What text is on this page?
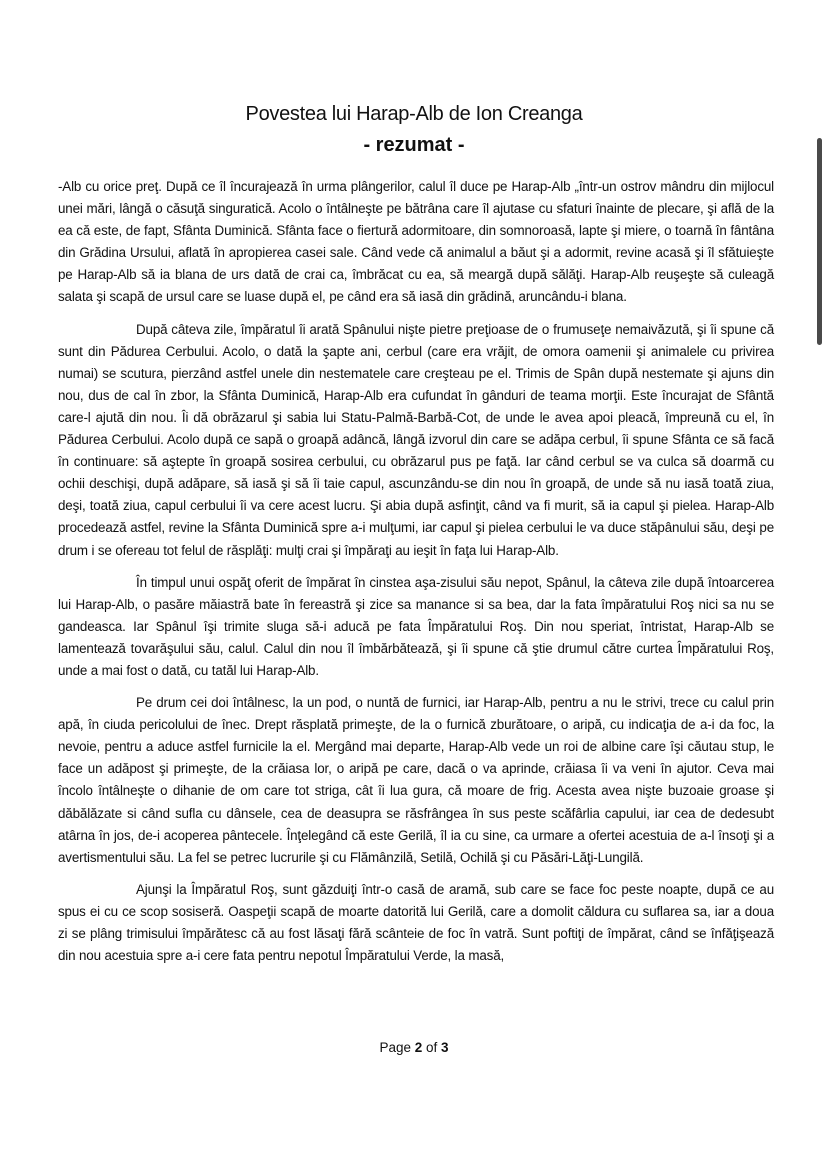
Povestea lui Harap-Alb de Ion Creanga
- rezumat -

-Alb cu orice preţ. După ce îl încurajează în urma plângerilor, calul îl duce pe Harap-Alb „într-un ostrov mândru din mijlocul unei mări, lângă o căsuţă singuratică. Acolo o întâlneşte pe bătrâna care îl ajutase cu sfaturi înainte de plecare, şi află de la ea că este, de fapt, Sfânta Duminică. Sfânta face o fiertură adormitoare, din somnoroasă, lapte şi miere, o toarnă în fântâna din Grădina Ursului, aflată în apropierea casei sale. Când vede că animalul a băut şi a adormit, revine acasă şi îl sfătuieşte pe Harap-Alb să ia blana de urs dată de crai ca, îmbrăcat cu ea, să meargă după sălăţi. Harap-Alb reuşeşte să culeagă salata şi scapă de ursul care se luase după el, pe când era să iasă din grădină, aruncându-i blana.

După câteva zile, împăratul îi arată Spânului nişte pietre preţioase de o frumuseţe nemaivăzută, şi îi spune că sunt din Pădurea Cerbului. Acolo, o dată la şapte ani, cerbul (care era vrăjit, de omora oamenii şi animalele cu privirea numai) se scutura, pierzând astfel unele din nestematele care creşteau pe el. Trimis de Spân după nestemate şi ajuns din nou, dus de cal în zbor, la Sfânta Duminică, Harap-Alb era cufundat în gânduri de teama morţii. Este încurajat de Sfântă care-l ajută din nou. Îi dă obrăzarul şi sabia lui Statu-Palmă-Barbă-Cot, de unde le avea apoi pleacă, împreună cu el, în Pădurea Cerbului. Acolo după ce sapă o groapă adâncă, lângă izvorul din care se adăpa cerbul, îi spune Sfânta ce să facă în continuare: să aştepte în groapă sosirea cerbului, cu obrăzarul pus pe faţă. Iar când cerbul se va culca să doarmă cu ochii deschişi, după adăpare, să iasă şi să îi taie capul, ascunzându-se din nou în groapă, de unde să nu iasă toată ziua, deşi, toată ziua, capul cerbului îi va cere acest lucru. Şi abia după asfinţit, când va fi murit, să ia capul şi pielea. Harap-Alb procedează astfel, revine la Sfânta Duminică spre a-i mulţumi, iar capul şi pielea cerbului le va duce stăpânului său, deşi pe drum i se ofereau tot felul de răsplăţi: mulţi crai şi împăraţi au ieşit în faţa lui Harap-Alb.

În timpul unui ospăţ oferit de împărat în cinstea aşa-zisului său nepot, Spânul, la câteva zile după întoarcerea lui Harap-Alb, o pasăre măiastră bate în fereastră şi zice sa manance si sa bea, dar la fata împăratului Roş nici sa nu se gandeasca. Iar Spânul îşi trimite sluga să-i aducă pe fata Împăratului Roş. Din nou speriat, întristat, Harap-Alb se lamentează tovarăşului său, calul. Calul din nou îl îmbărbătează, şi îi spune că ştie drumul către curtea Împăratului Roş, unde a mai fost o dată, cu tatăl lui Harap-Alb.

Pe drum cei doi întâlnesc, la un pod, o nuntă de furnici, iar Harap-Alb, pentru a nu le strivi, trece cu calul prin apă, în ciuda pericolului de înec. Drept răsplată primeşte, de la o furnică zburătoare, o aripă, cu indicaţia de a-i da foc, la nevoie, pentru a aduce astfel furnicile la el. Mergând mai departe, Harap-Alb vede un roi de albine care îşi căutau stup, le face un adăpost şi primeşte, de la crăiasa lor, o aripă pe care, dacă o va aprinde, crăiasa îi va veni în ajutor. Ceva mai încolo întâlneşte o dihanie de om care tot striga, cât îi lua gura, că moare de frig. Acesta avea nişte buzoaie groase şi dăbălăzate si când sufla cu dânsele, cea de deasupra se răsfrângea în sus peste scăfârlia capului, iar cea de dedesubt atârna în jos, de-i acoperea pântecele. Înţelegând că este Gerilă, îl ia cu sine, ca urmare a ofertei acestuia de a-l însoţi şi a avertismentului său. La fel se petrec lucrurile şi cu Flămânzilă, Setilă, Ochilă şi cu Păsări-Lăţi-Lungilă.

Ajunşi la Împăratul Roş, sunt găzduiţi într-o casă de aramă, sub care se face foc peste noapte, după ce au spus ei cu ce scop sosiseră. Oaspeţii scapă de moarte datorită lui Gerilă, care a domolit căldura cu suflarea sa, iar a doua zi se plâng trimisului împărătesc că au fost lăsaţi fără scânteie de foc în vatră. Sunt poftiţi de împărat, când se înfăţişează din nou acestuia spre a-i cere fata pentru nepotul Împăratului Verde, la masă,

Page 2 of 3
